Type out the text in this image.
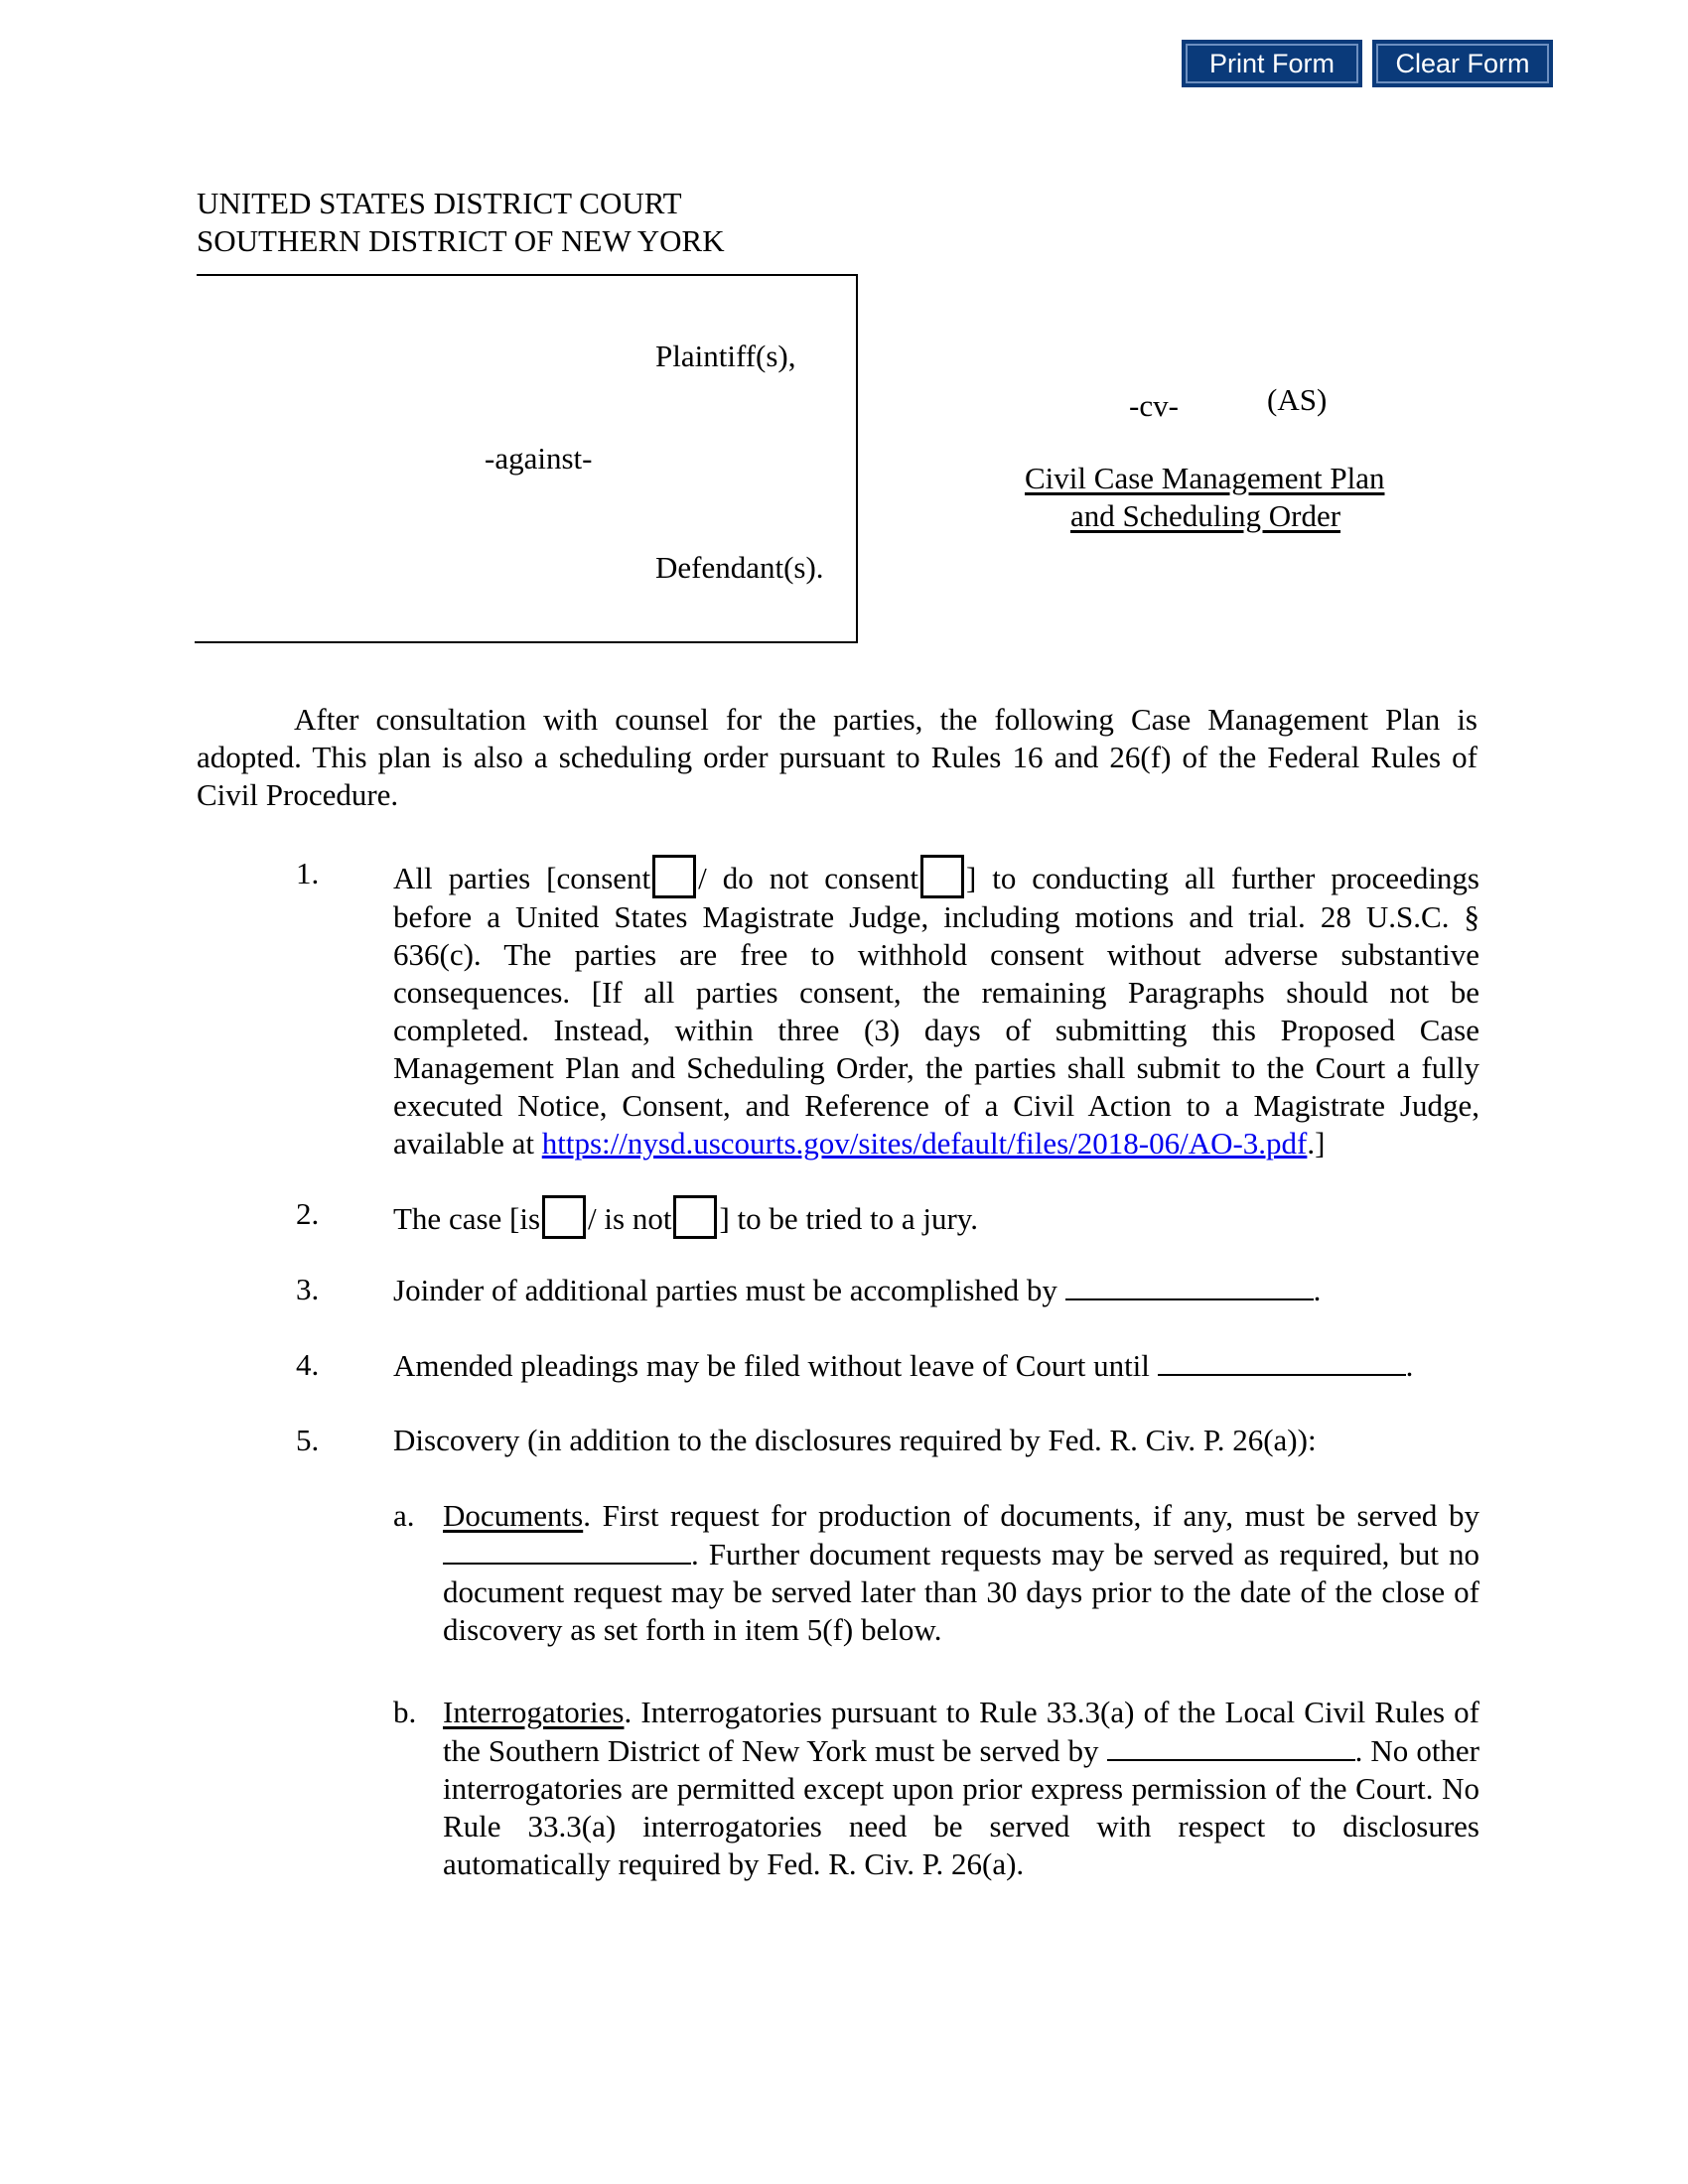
Print Form	Clear Form
UNITED STATES DISTRICT COURT
SOUTHERN DISTRICT OF NEW YORK
Plaintiff(s),
-against-
Defendant(s).
-cv-	(AS)
Civil Case Management Plan
and Scheduling Order
After consultation with counsel for the parties, the following Case Management Plan is adopted. This plan is also a scheduling order pursuant to Rules 16 and 26(f) of the Federal Rules of Civil Procedure.
1. All parties [consent / do not consent ] to conducting all further proceedings before a United States Magistrate Judge, including motions and trial. 28 U.S.C. § 636(c). The parties are free to withhold consent without adverse substantive consequences. [If all parties consent, the remaining Paragraphs should not be completed. Instead, within three (3) days of submitting this Proposed Case Management Plan and Scheduling Order, the parties shall submit to the Court a fully executed Notice, Consent, and Reference of a Civil Action to a Magistrate Judge, available at https://nysd.uscourts.gov/sites/default/files/2018-06/AO-3.pdf.]
2. The case [is / is not ] to be tried to a jury.
3. Joinder of additional parties must be accomplished by	.
4. Amended pleadings may be filed without leave of Court until	.
5. Discovery (in addition to the disclosures required by Fed. R. Civ. P. 26(a)):
a. Documents. First request for production of documents, if any, must be served by . Further document requests may be served as required, but no document request may be served later than 30 days prior to the date of the close of discovery as set forth in item 5(f) below.
b. Interrogatories. Interrogatories pursuant to Rule 33.3(a) of the Local Civil Rules of the Southern District of New York must be served by	. No other interrogatories are permitted except upon prior express permission of the Court. No Rule 33.3(a) interrogatories need be served with respect to disclosures automatically required by Fed. R. Civ. P. 26(a).
